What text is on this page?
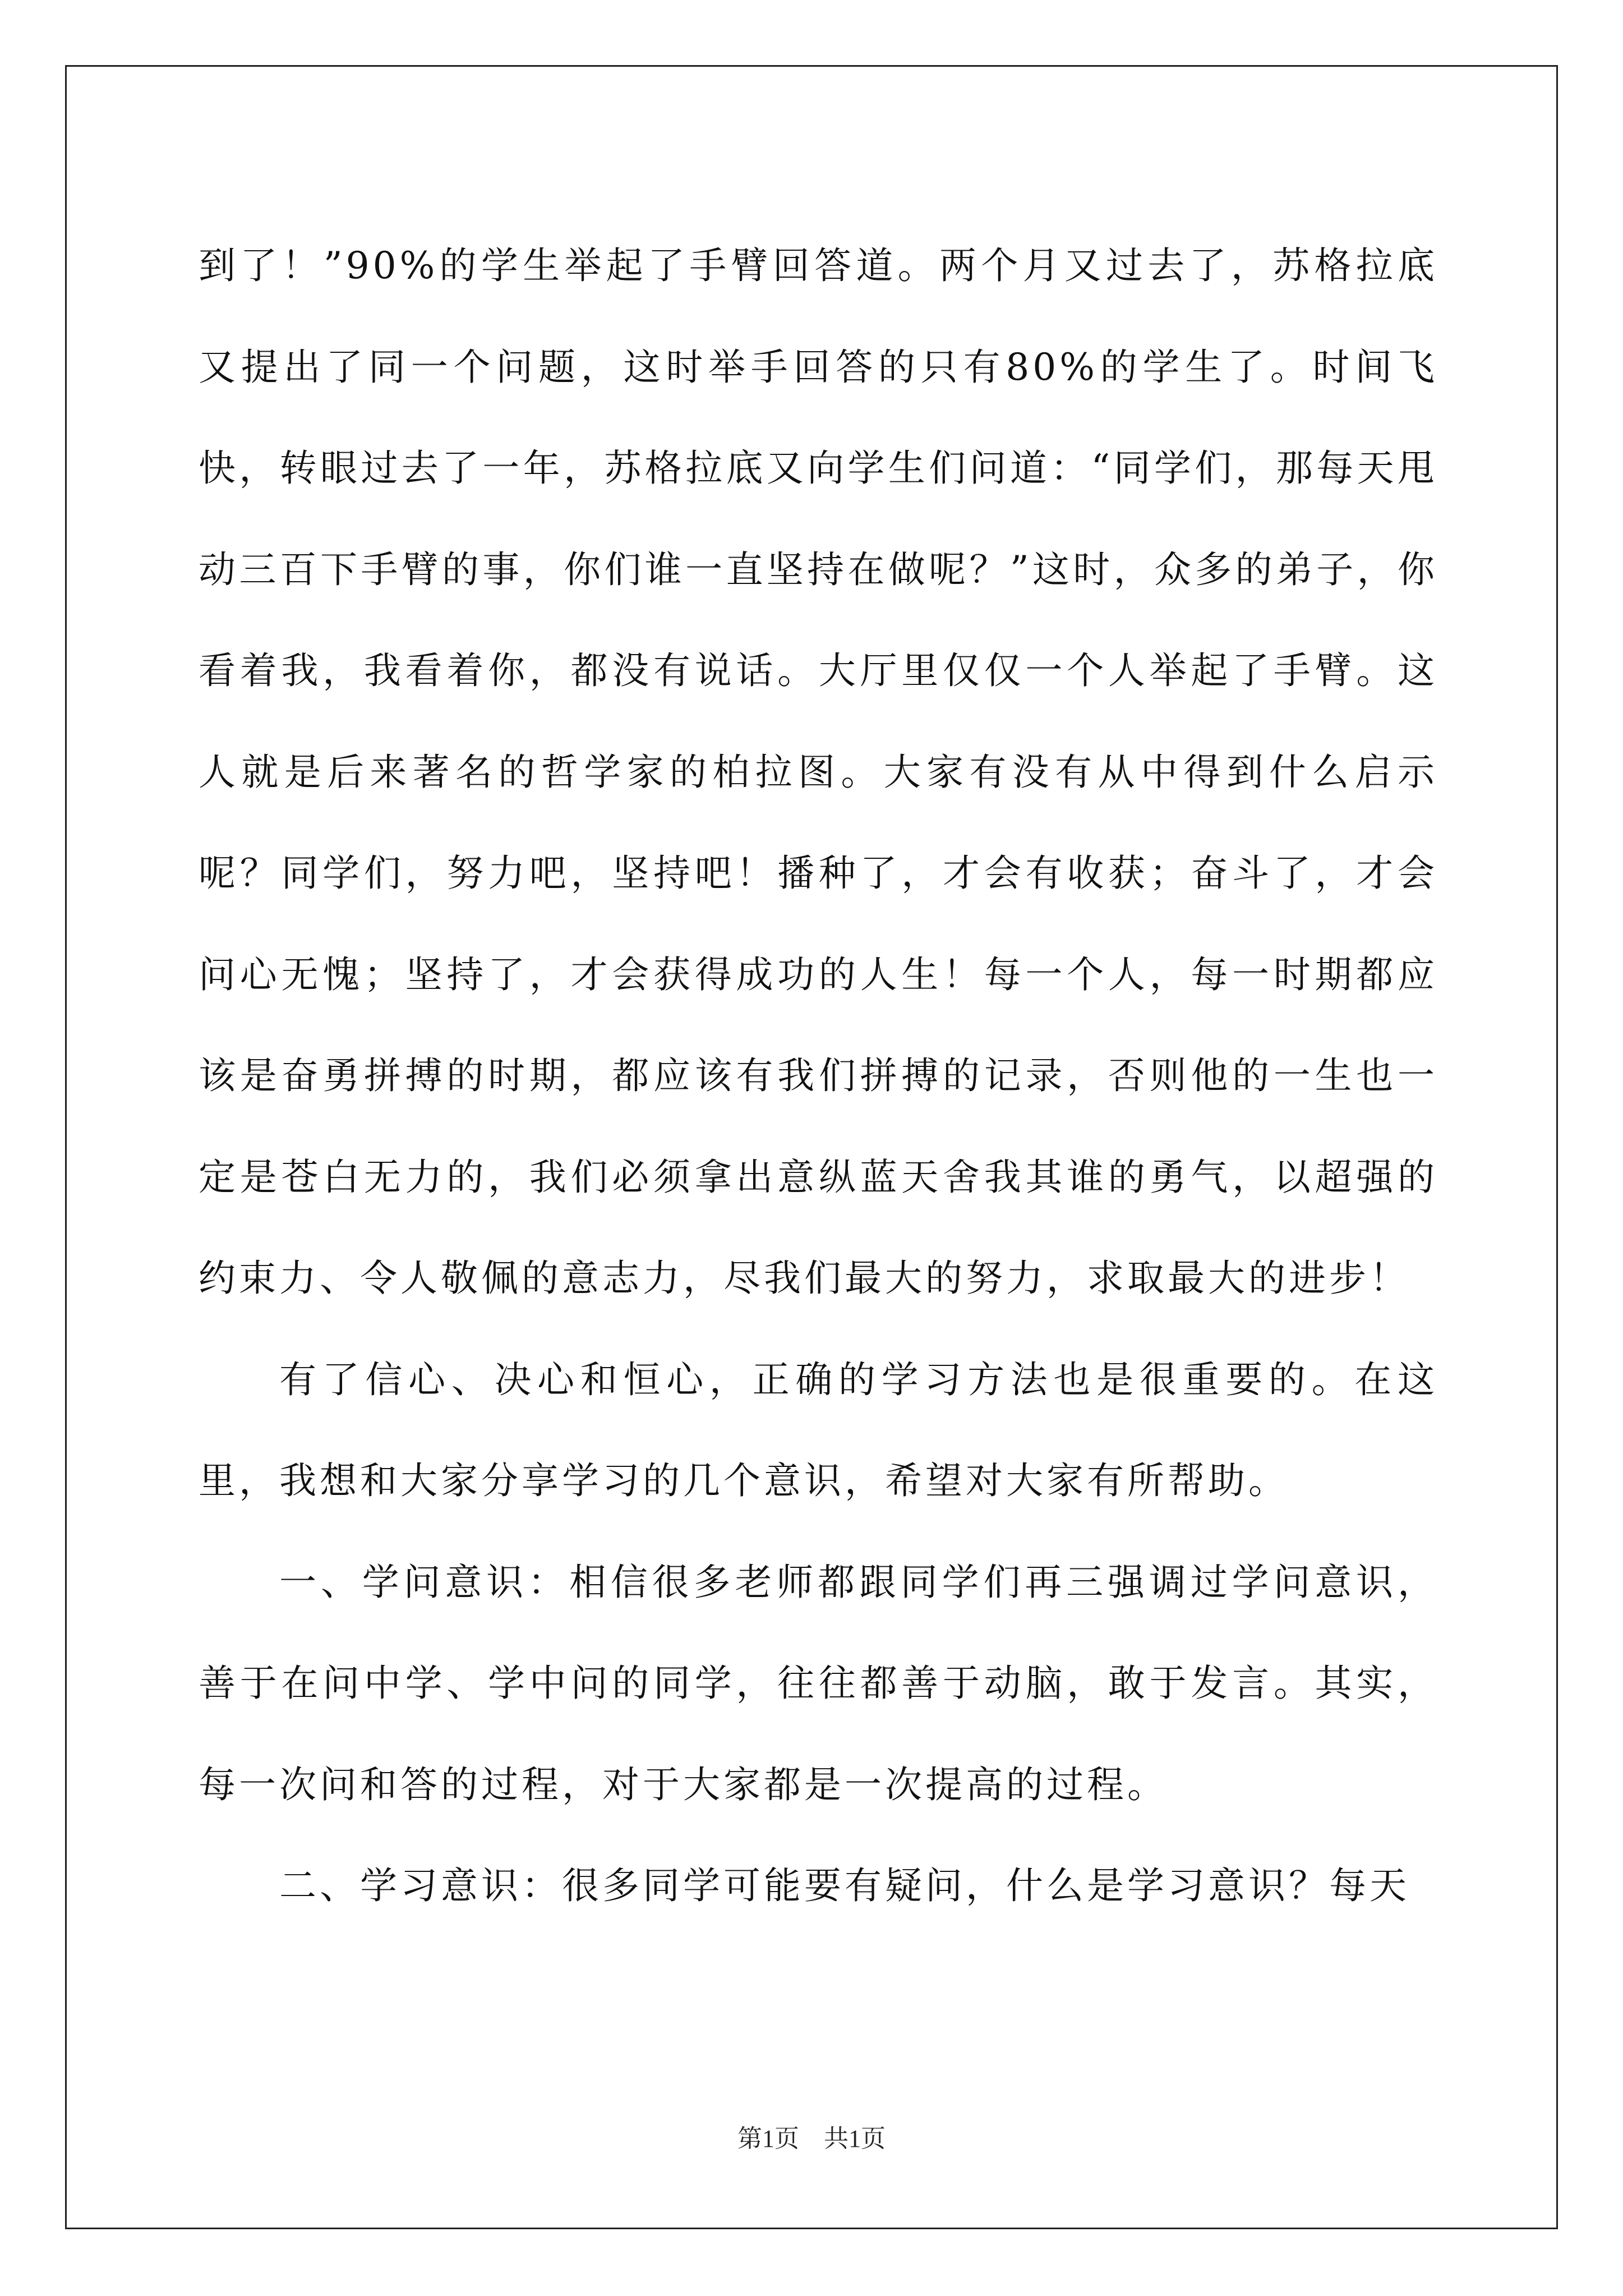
到了！”90%的学生举起了手臂回答道。两个月又过去了，苏格拉底又提出了同一个问题，这时举手回答的只有80%的学生了。时间飞快，转眼过去了一年，苏格拉底又向学生们问道：“同学们，那每天甩动三百下手臂的事，你们谁一直坚持在做呢？”这时，众多的弟子，你看着我，我看着你，都没有说话。大厅里仅仅一个人举起了手臂。这人就是后来著名的哲学家的柏拉图。大家有没有从中得到什么启示呢？同学们，努力吧，坚持吧！播种了，才会有收获；奋斗了，才会问心无愧；坚持了，才会获得成功的人生！每一个人，每一时期都应该是奋勇拼搏的时期，都应该有我们拼搏的记录，否则他的一生也一定是苍白无力的，我们必须拿出意纵蓝天舍我其谁的勇气，以超强的约束力、令人敬佩的意志力，尽我们最大的努力，求取最大的进步！

有了信心、决心和恒心，正确的学习方法也是很重要的。在这里，我想和大家分享学习的几个意识，希望对大家有所帮助。

一、学问意识：相信很多老师都跟同学们再三强调过学问意识，善于在问中学、学中问的同学，往往都善于动脑，敢于发言。其实，每一次问和答的过程，对于大家都是一次提高的过程。

二、学习意识：很多同学可能要有疑问，什么是学习意识？每天

第1页　共1页
